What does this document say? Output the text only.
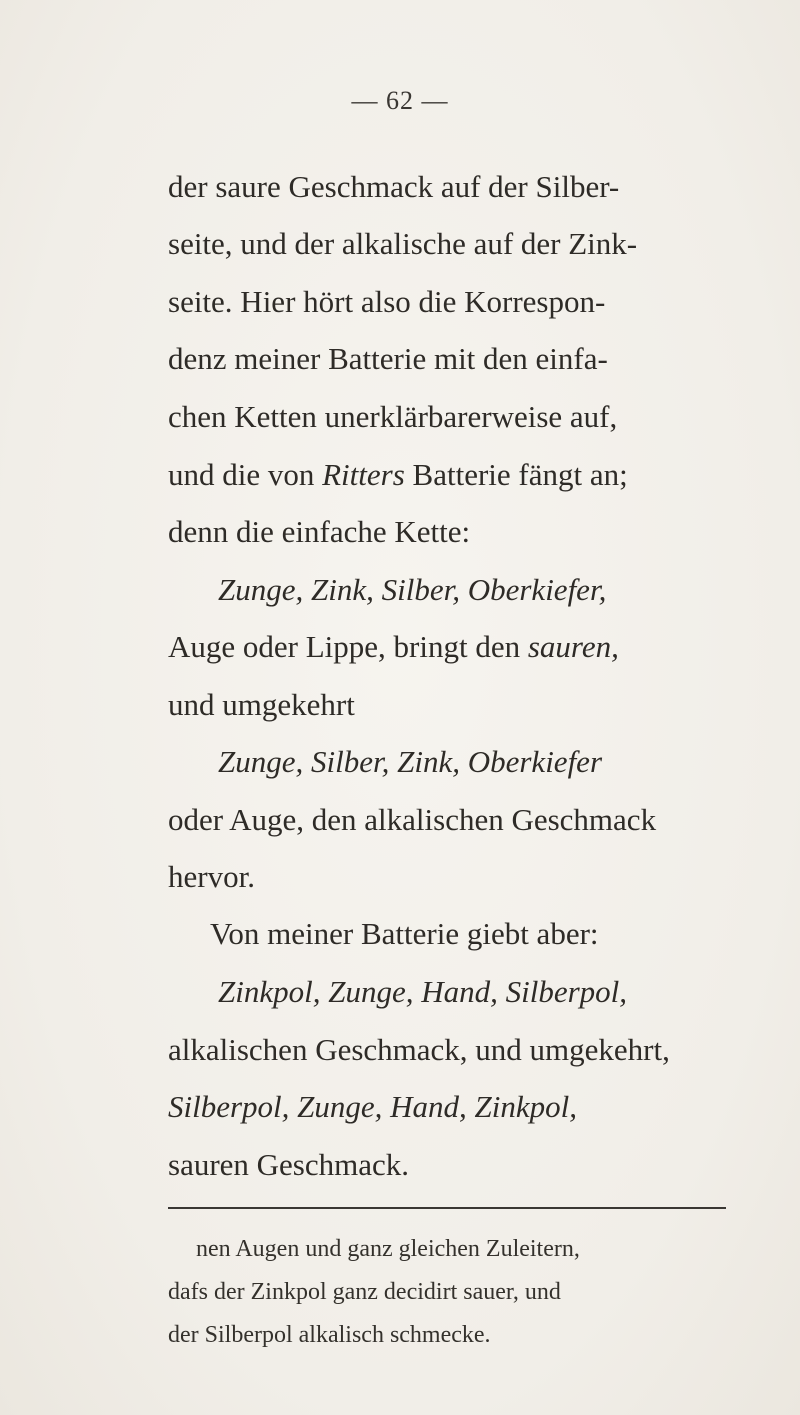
— 62 —
der saure Geschmack auf der Silber-
seite, und der alkalische auf der Zink-
seite. Hier hört also die Korrespon-
denz meiner Batterie mit den einfa-
chen Ketten unerklärbarerweise auf,
und die von Ritters Batterie fängt an;
denn die einfache Kette:
Zunge, Zink, Silber, Oberkiefer,
Auge oder Lippe, bringt den sauren,
und umgekehrt
Zunge, Silber, Zink, Oberkiefer
oder Auge, den alkalischen Geschmack
hervor.
Von meiner Batterie giebt aber:
Zinkpol, Zunge, Hand, Silberpol,
alkalischen Geschmack, und umgekehrt,
Silberpol, Zunge, Hand, Zinkpol,
sauren Geschmack.
nen Augen und ganz gleichen Zuleitern,
dafs der Zinkpol ganz decidirt sauer, und
der Silberpol alkalisch schmecke.
